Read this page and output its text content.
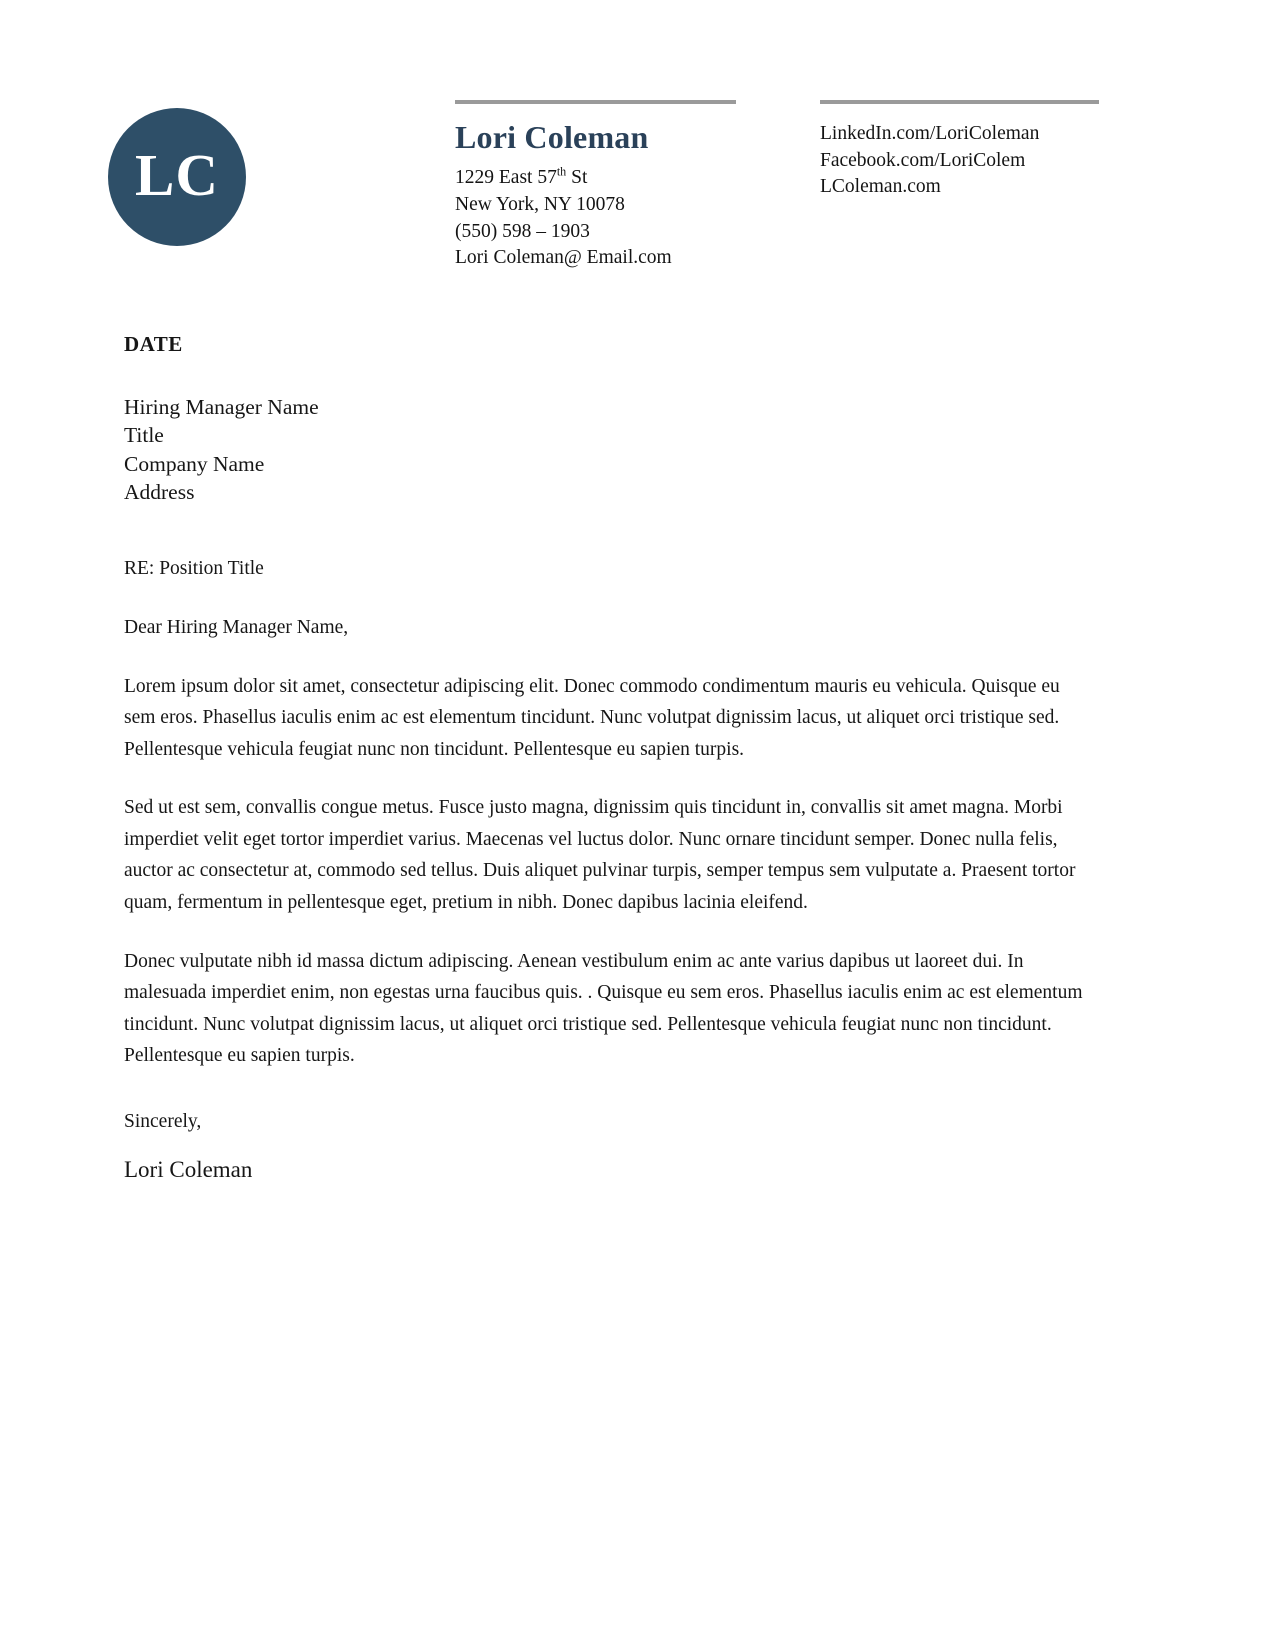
LC
Lori Coleman
1229 East 57th St
New York, NY 10078
(550) 598 – 1903
Lori Coleman@ Email.com
LinkedIn.com/LoriColeman
Facebook.com/LoriColem
LColeman.com
DATE
Hiring Manager Name
Title
Company Name
Address
RE: Position Title
Dear Hiring Manager Name,

Lorem ipsum dolor sit amet, consectetur adipiscing elit. Donec commodo condimentum mauris eu vehicula. Quisque eu sem eros. Phasellus iaculis enim ac est elementum tincidunt. Nunc volutpat dignissim lacus, ut aliquet orci tristique sed. Pellentesque vehicula feugiat nunc non tincidunt. Pellentesque eu sapien turpis.

Sed ut est sem, convallis congue metus. Fusce justo magna, dignissim quis tincidunt in, convallis sit amet magna. Morbi imperdiet velit eget tortor imperdiet varius. Maecenas vel luctus dolor. Nunc ornare tincidunt semper. Donec nulla felis, auctor ac consectetur at, commodo sed tellus. Duis aliquet pulvinar turpis, semper tempus sem vulputate a. Praesent tortor quam, fermentum in pellentesque eget, pretium in nibh. Donec dapibus lacinia eleifend.

Donec vulputate nibh id massa dictum adipiscing. Aenean vestibulum enim ac ante varius dapibus ut laoreet dui. In malesuada imperdiet enim, non egestas urna faucibus quis. . Quisque eu sem eros. Phasellus iaculis enim ac est elementum tincidunt. Nunc volutpat dignissim lacus, ut aliquet orci tristique sed. Pellentesque vehicula feugiat nunc non tincidunt. Pellentesque eu sapien turpis.

Sincerely,
Lori Coleman
